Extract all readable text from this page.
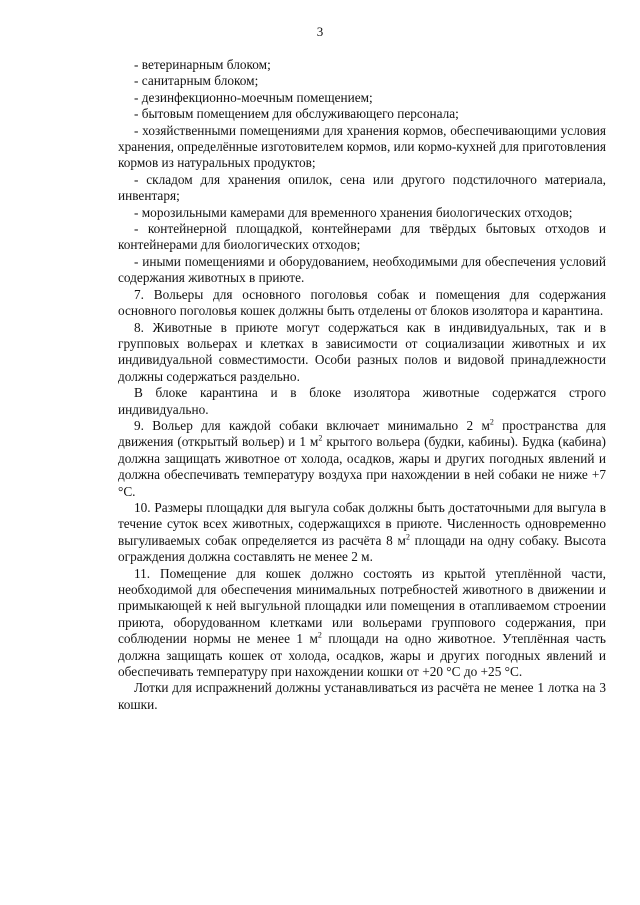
3

- ветеринарным блоком;

- санитарным блоком;

- дезинфекционно-моечным помещением;

- бытовым помещением для обслуживающего персонала;

- хозяйственными помещениями для хранения кормов, обеспечивающими условия хранения, определённые изготовителем кормов, или кормо-кухней для приготовления кормов из натуральных продуктов;

- складом для хранения опилок, сена или другого подстилочного материала, инвентаря;

- морозильными камерами для временного хранения биологических отходов;

- контейнерной площадкой, контейнерами для твёрдых бытовых отходов и контейнерами для биологических отходов;

- иными помещениями и оборудованием, необходимыми для обеспечения условий содержания животных в приюте.

7. Вольеры для основного поголовья собак и помещения для содержания основного поголовья кошек должны быть отделены от блоков изолятора и карантина.

8. Животные в приюте могут содержаться как в индивидуальных, так и в групповых вольерах и клетках в зависимости от социализации животных и их индивидуальной совместимости. Особи разных полов и видовой принадлежности должны содержаться раздельно.

В блоке карантина и в блоке изолятора животные содержатся строго индивидуально.

9. Вольер для каждой собаки включает минимально 2 $м^2$ пространства для движения (открытый вольер) и 1 $м^2$ крытого вольера (будки, кабины). Будка (кабина) должна защищать животное от холода, осадков, жары и других погодных явлений и должна обеспечивать температуру воздуха при нахождении в ней собаки не ниже +7 °С.

10. Размеры площадки для выгула собак должны быть достаточными для выгула в течение суток всех животных, содержащихся в приюте. Численность одновременно выгуливаемых собак определяется из расчёта 8 $м^2$ площади на одну собаку. Высота ограждения должна составлять не менее 2 м.

11. Помещение для кошек должно состоять из крытой утеплённой части, необходимой для обеспечения минимальных потребностей животного в движении и примыкающей к ней выгульной площадки или помещения в отапливаемом строении приюта, оборудованном клетками или вольерами группового содержания, при соблюдении нормы не менее 1 $м^2$ площади на одно животное. Утеплённая часть должна защищать кошек от холода, осадков, жары и других погодных явлений и обеспечивать температуру при нахождении кошки от +20 °С до +25 °С.

Лотки для испражнений должны устанавливаться из расчёта не менее 1 лотка на 3 кошки.
